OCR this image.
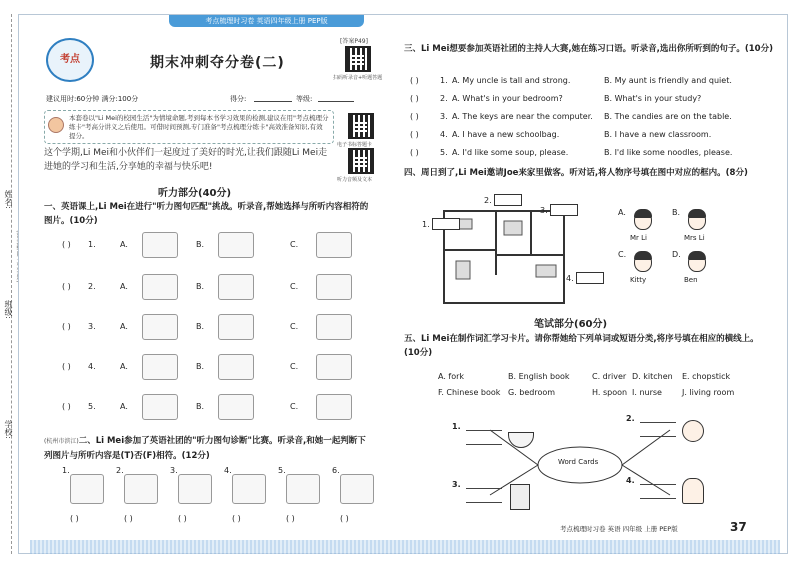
姓名:
班级:
学校:
考点梳理时习卷 英语四年级上册 PEP版
考点	期末冲刺夺分卷(二)
[答案P49]
扫码听录音+听题答题
建议用时:60分钟 满分:100分	得分:	等级:
本套卷以"Li Mei的校园生活"为情境命题,考到每本书学习效果的检测,建议在用"考点梳理分练卡"考高分讲义之后使用。可借时间预测,专门准备"考点梳理分练卡"高效准备知识,有效提分。
电子书标答题卡
听力音频及文本
这个学期,Li Mei和小伙伴们一起度过了美好的时光,让我们跟随Li Mei走进她的学习和生活,分享她的幸福与快乐吧!
听力部分(40分)
一、英语课上,Li Mei在进行"听力图句匹配"挑战。听录音,帮她选择与所听内容相符的图片。(10分)
(杭州市滨江)二、Li Mei参加了英语社团的"听力图句诊断"比赛。听录音,和她一起判断下列图片与所听内容是(T)否(F)相符。(12分)
三、Li Mei想要参加英语社团的主持人大赛,她在练习口语。听录音,选出你所听到的句子。(10分)
四、周日到了,Li Mei邀请Joe来家里做客。听对话,将人物序号填在图中对应的框内。(8分)
笔试部分(60分)
五、Li Mei在制作词汇学习卡片。请你帮她给下列单词或短语分类,将序号填在相应的横线上。(10分)
Word Cards
考点梳理时习卷 英语 四年级 上册 PEP版	37
( ) 1.	A.	B.	C.
( ) 2.	A.	B.	C.
( ) 3.	A.	B.	C.
( ) 4.	A.	B.	C.
( ) 5.	A.	B.	C.
1.
( )
2.
( )
3.
( )
4.
( )
5.
( )
6.
( )
( )	1. A. My uncle is tall and strong.	B. My aunt is friendly and quiet.
( )	2. A. What's in your bedroom?	B. What's in your study?
( )	3. A. The keys are near the computer. B. The candies are on the table.
( )	4. A. I have a new schoolbag.	B. I have a new classroom.
( )	5. A. I'd like some soup, please.	B. I'd like some noodles, please.
1.
2.
3.
4.
A.
Mr Li
B.
Mrs Li
C.
Kitty
D.
Ben
A. fork	B. English book	C. driver D. kitchen E. chopstick
F. Chinese book G. bedroom	H. spoon I. nurse	J. living room
1.
2.
3.	4.
